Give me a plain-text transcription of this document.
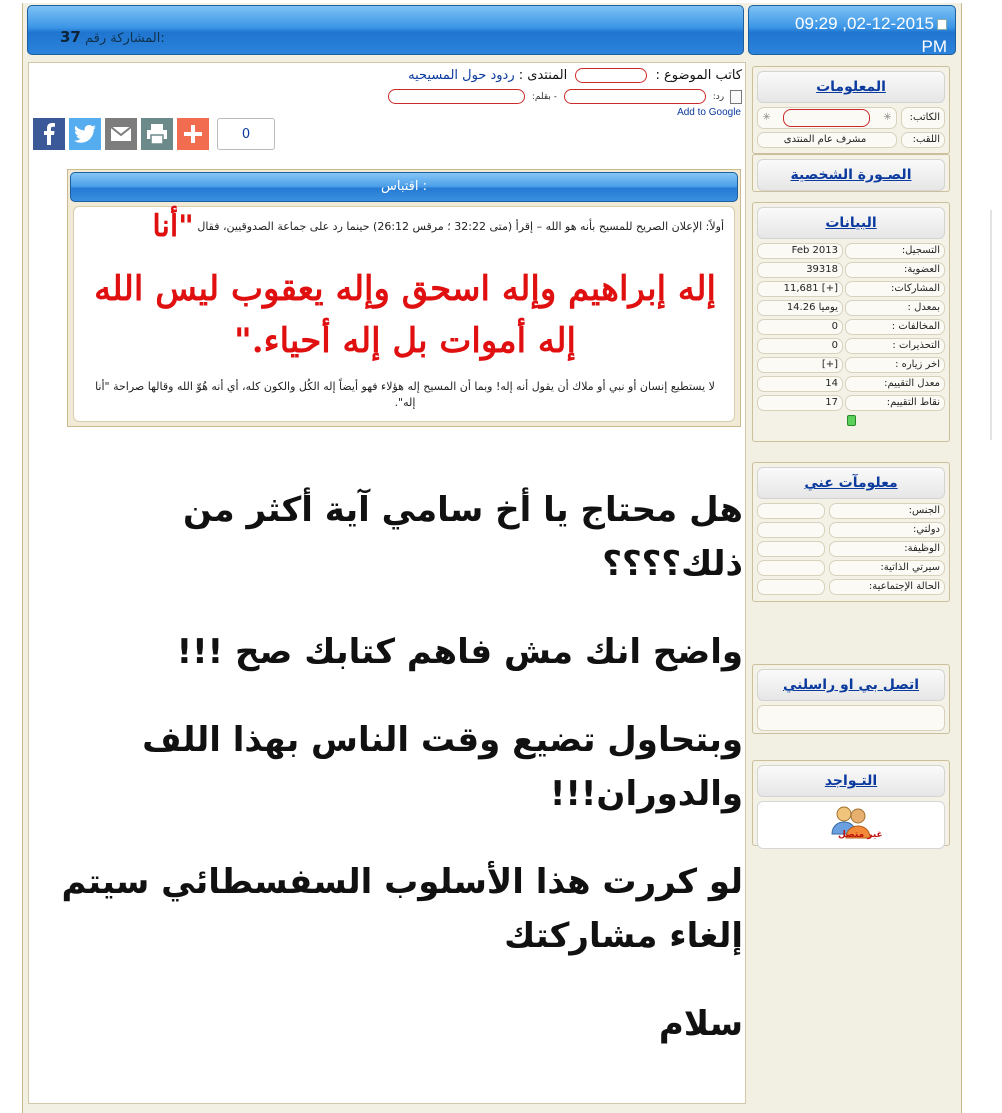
37 المشاركة رقم:
09:29 ,02-12-2015
PM
كاتب الموضوع :  المنتدى : ردود حول المسيحيه
رد:  - بقلم:
Add to Google
0
اقتباس :
أولاً: الإعلان الصريح للمسيح بأنه هو الله – إقرأ (متى 32:22 ؛ مرقس 26:12) حينما رد على جماعة الصدوقيين، فقال "أنا
إله إبراهيم وإله اسحق وإله يعقوب ليس الله إله أموات بل إله أحياء."
لا يستطيع إنسان أو نبي أو ملاك أن يقول أنه إله! وبما أن المسيح إله هؤلاء فهو أيضاً إله الكُل والكون كله، أي أنه هُوّ الله وقالها صراحة "أنا إله".

هل محتاج يا أخ سامي آية أكثر من ذلك؟؟؟؟

واضح انك مش فاهم كتابك صح !!!

وبتحاول تضيع وقت الناس بهذا اللف والدوران!!!

لو كررت هذا الأسلوب السفسطائي سيتم إلغاء مشاركتك

سلام

المعلومات
✳	✳	الكاتب:
مشرف عام المنتدى	اللقب:
الصـورة الشخصية
البيانات
Feb 2013	التسجيل:
39318	العضوية:
11,681 [+]	المشاركات:
14.26 يوميا	بمعدل :
0	المخالفات :
0	التحذيرات :
[+]	اخر زياره :
14	معدل التقييم:
17	نقاط التقييم:
معلومآت عني
الجنس:
دولتي:
الوظيفة:
سيرتي الذاتية:
الحالة الإجتماعية:
اتصل بي او راسلني
التـواجد
غير متصل
